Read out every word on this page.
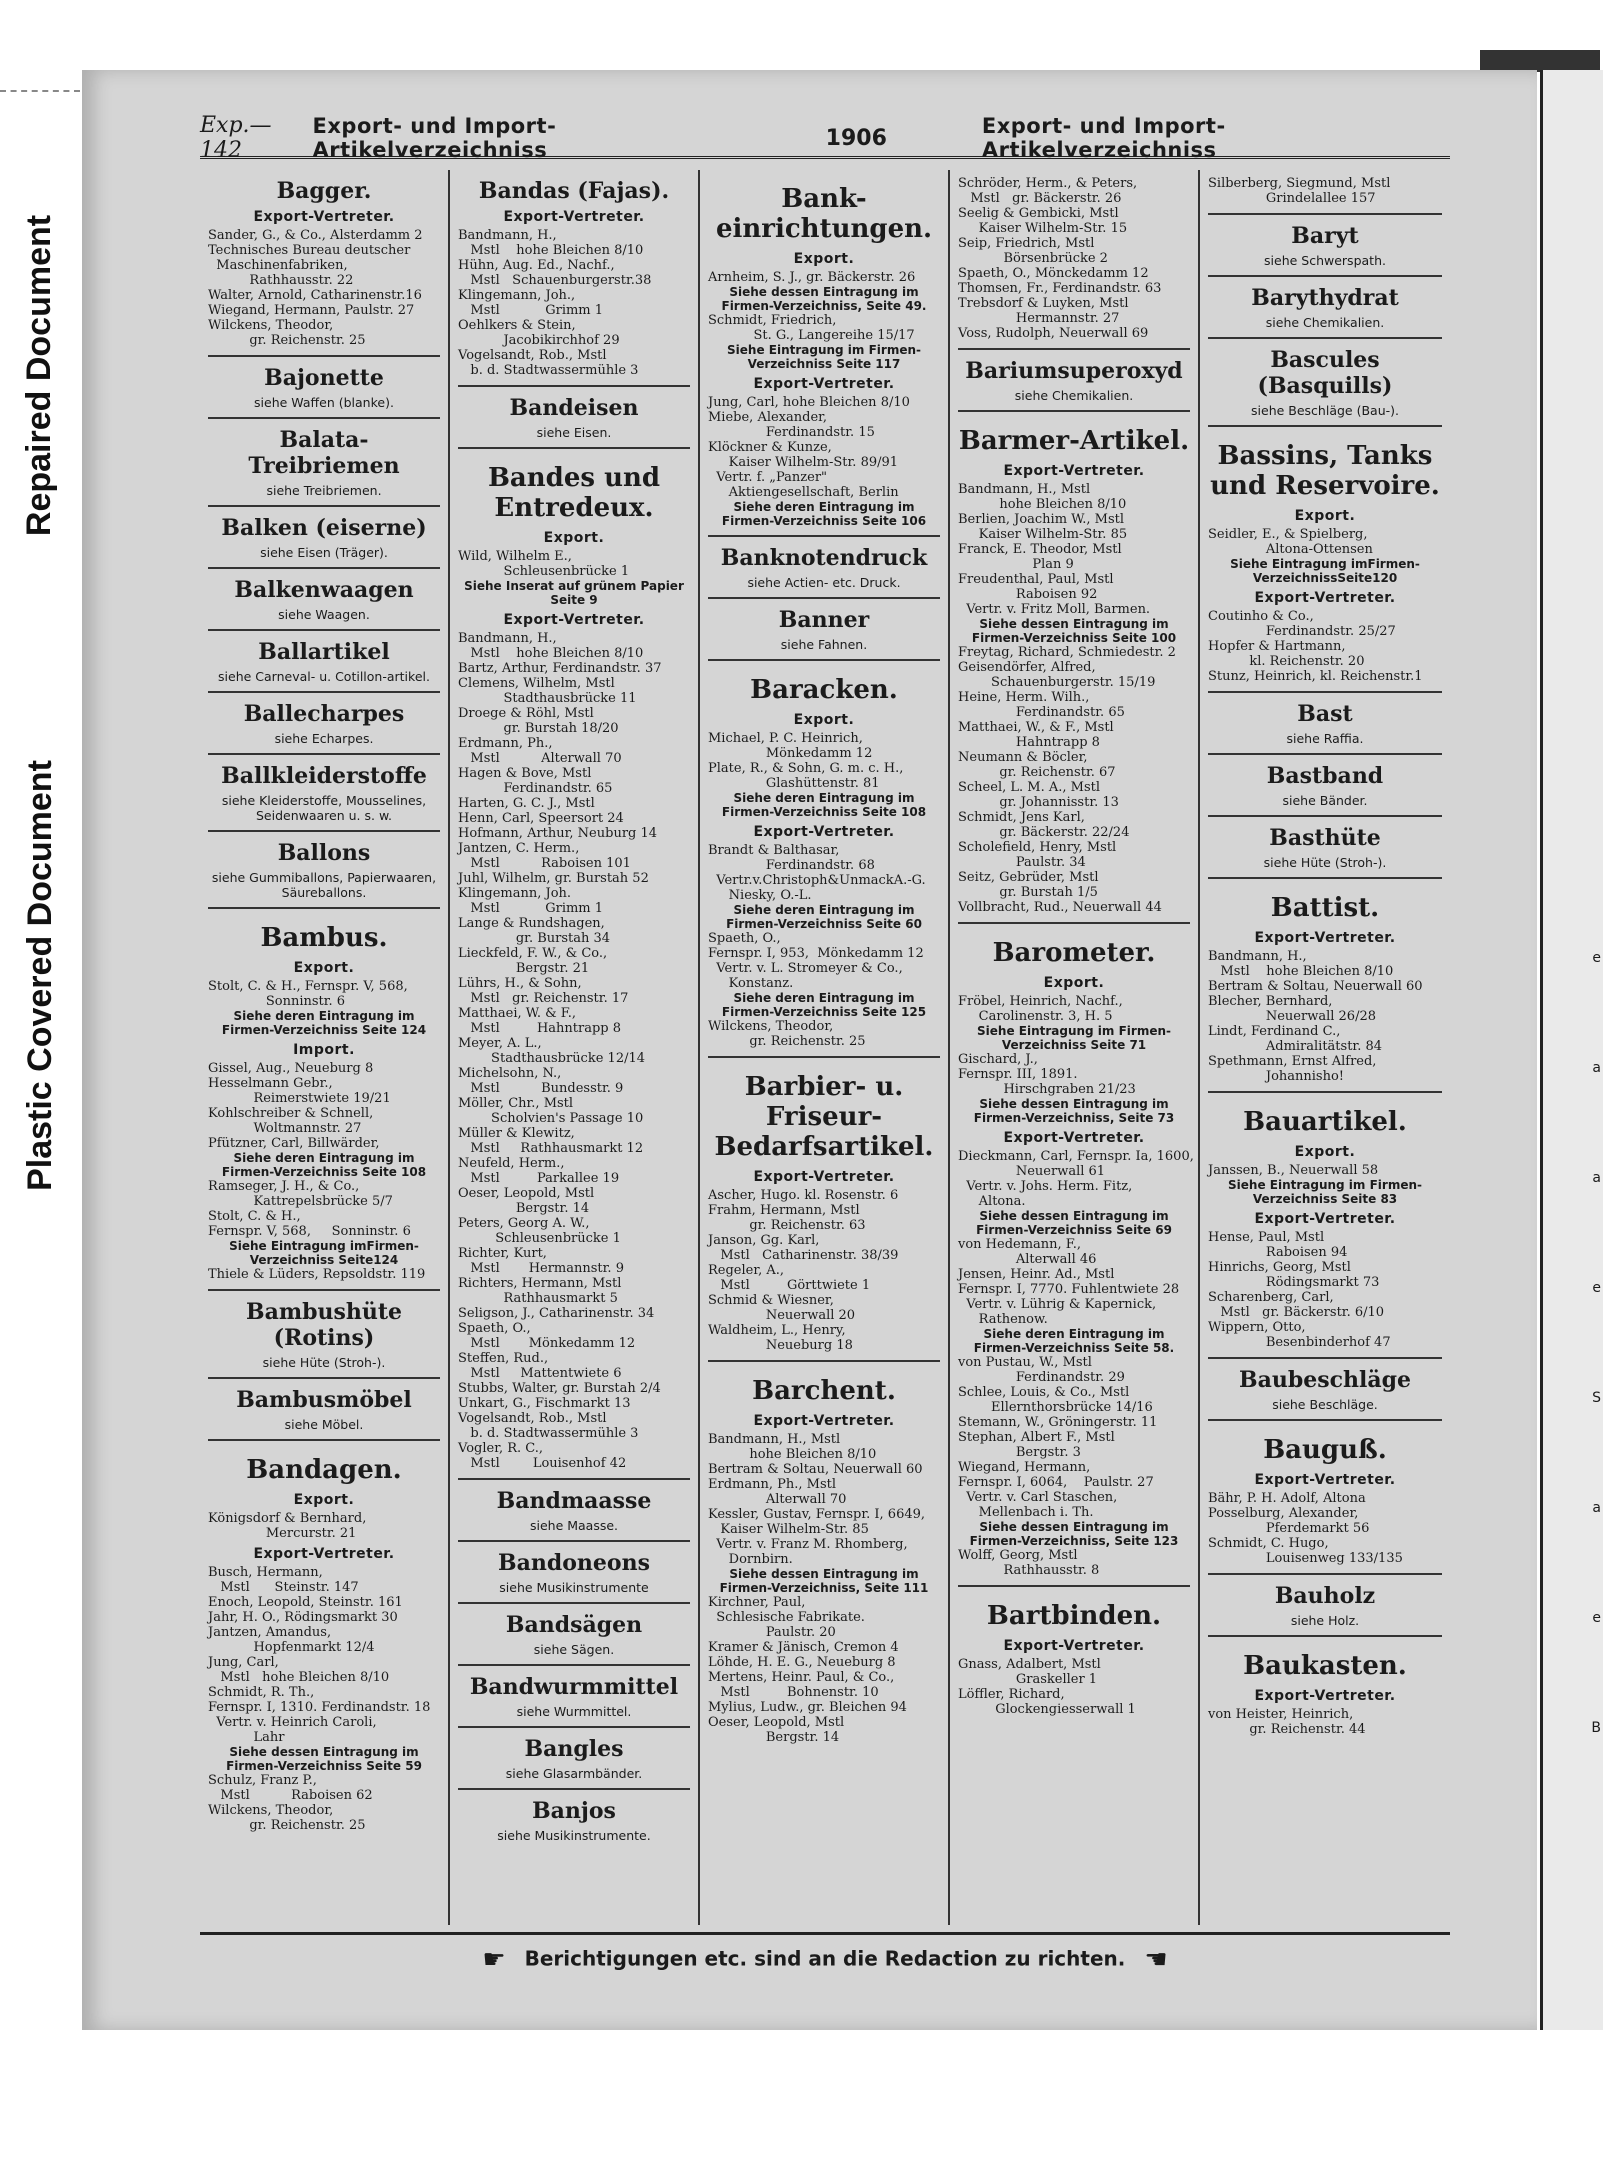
Repaired Document
Plastic Covered Document	e
a
a
e
S
a
e
B
Exp.—142
Export- und Import-Artikelverzeichniss	1906	Export- und Import-Artikelverzeichniss
Bagger.
Export-Vertreter.
Sander, G., & Co., Alsterdamm 2
Technisches Bureau deutscher
Maschinenfabriken,
Rathhausstr. 22
Walter, Arnold, Catharinenstr.16
Wiegand, Hermann, Paulstr. 27
Wilckens, Theodor,
gr. Reichenstr. 25
Bajonette
siehe Waffen (blanke).
Balata-Treibriemen
siehe Treibriemen.
Balken (eiserne)
siehe Eisen (Träger).
Balkenwaagen
siehe Waagen.
Ballartikel
siehe Carneval- u. Cotillon-artikel.
Ballecharpes
siehe Echarpes.
Ballkleiderstoffe
siehe Kleiderstoffe, Mousselines, Seidenwaaren u. s. w.
Ballons
siehe Gummiballons, Papierwaaren, Säureballons.
Bambus.
Export.
Stolt, C. & H., Fernspr. V, 568,
Sonninstr. 6
Siehe deren Eintragung im Firmen-Verzeichniss Seite 124
Import.
Gissel, Aug., Neueburg 8
Hesselmann Gebr.,
Reimerstwiete 19/21
Kohlschreiber & Schnell,
Woltmannstr. 27
Pfützner, Carl, Billwärder,
Siehe deren Eintragung im Firmen-Verzeichniss Seite 108
Ramseger, J. H., & Co.,
Kattrepelsbrücke 5/7
Stolt, C. & H.,
Fernspr. V, 568,     Sonninstr. 6
Siehe Eintragung imFirmen-Verzeichniss Seite124
Thiele & Lüders, Repsoldstr. 119
Bambushüte (Rotins)
siehe Hüte (Stroh-).
Bambusmöbel
siehe Möbel.
Bandagen.
Export.
Königsdorf & Bernhard,
Mercurstr. 21
Export-Vertreter.
Busch, Hermann,
Mstl      Steinstr. 147
Enoch, Leopold, Steinstr. 161
Jahr, H. O., Rödingsmarkt 30
Jantzen, Amandus,
Hopfenmarkt 12/4
Jung, Carl,
Mstl   hohe Bleichen 8/10
Schmidt, R. Th.,
Fernspr. I, 1310. Ferdinandstr. 18
Vertr. v. Heinrich Caroli,
Lahr
Siehe dessen Eintragung im Firmen-Verzeichniss Seite 59
Schulz, Franz P.,
Mstl          Raboisen 62
Wilckens, Theodor,
gr. Reichenstr. 25
Bandas (Fajas).
Export-Vertreter.
Bandmann, H.,
Mstl    hohe Bleichen 8/10
Hühn, Aug. Ed., Nachf.,
Mstl   Schauenburgerstr.38
Klingemann, Joh.,
Mstl           Grimm 1
Oehlkers & Stein,
Jacobikirchhof 29
Vogelsandt, Rob., Mstl
b. d. Stadtwassermühle 3
Bandeisen
siehe Eisen.
Bandes und Entredeux.
Export.
Wild, Wilhelm E.,
Schleusenbrücke 1
Siehe Inserat auf grünem Papier Seite 9
Export-Vertreter.
Bandmann, H.,
Mstl    hohe Bleichen 8/10
Bartz, Arthur, Ferdinandstr. 37
Clemens, Wilhelm, Mstl
Stadthausbrücke 11
Droege & Röhl, Mstl
gr. Burstah 18/20
Erdmann, Ph.,
Mstl          Alterwall 70
Hagen & Bove, Mstl
Ferdinandstr. 65
Harten, G. C. J., Mstl
Henn, Carl, Speersort 24
Hofmann, Arthur, Neuburg 14
Jantzen, C. Herm.,
Mstl          Raboisen 101
Juhl, Wilhelm, gr. Burstah 52
Klingemann, Joh.
Mstl           Grimm 1
Lange & Rundshagen,
gr. Burstah 34
Lieckfeld, F. W., & Co.,
Bergstr. 21
Lührs, H., & Sohn,
Mstl   gr. Reichenstr. 17
Matthaei, W. & F.,
Mstl         Hahntrapp 8
Meyer, A. L.,
Stadthausbrücke 12/14
Michelsohn, N.,
Mstl          Bundesstr. 9
Möller, Chr., Mstl
Scholvien's Passage 10
Müller & Klewitz,
Mstl     Rathhausmarkt 12
Neufeld, Herm.,
Mstl         Parkallee 19
Oeser, Leopold, Mstl
Bergstr. 14
Peters, Georg A. W.,
Schleusenbrücke 1
Richter, Kurt,
Mstl       Hermannstr. 9
Richters, Hermann, Mstl
Rathhausmarkt 5
Seligson, J., Catharinenstr. 34
Spaeth, O.,
Mstl       Mönkedamm 12
Steffen, Rud.,
Mstl     Mattentwiete 6
Stubbs, Walter, gr. Burstah 2/4
Unkart, G., Fischmarkt 13
Vogelsandt, Rob., Mstl
b. d. Stadtwassermühle 3
Vogler, R. C.,
Mstl        Louisenhof 42
Bandmaasse
siehe Maasse.
Bandoneons
siehe Musikinstrumente
Bandsägen
siehe Sägen.
Bandwurmmittel
siehe Wurmmittel.
Bangles
siehe Glasarmbänder.
Banjos
siehe Musikinstrumente.
Bank-einrichtungen.
Export.
Arnheim, S. J., gr. Bäckerstr. 26
Siehe dessen Eintragung im Firmen-Verzeichniss, Seite 49.
Schmidt, Friedrich,
St. G., Langereihe 15/17
Siehe Eintragung im Firmen-Verzeichniss Seite 117
Export-Vertreter.
Jung, Carl, hohe Bleichen 8/10
Miebe, Alexander,
Ferdinandstr. 15
Klöckner & Kunze,
Kaiser Wilhelm-Str. 89/91
Vertr. f. „Panzer"
Aktiengesellschaft, Berlin
Siehe deren Eintragung im Firmen-Verzeichniss Seite 106
Banknotendruck
siehe Actien- etc. Druck.
Banner
siehe Fahnen.
Baracken.
Export.
Michael, P. C. Heinrich,
Mönkedamm 12
Plate, R., & Sohn, G. m. c. H.,
Glashüttenstr. 81
Siehe deren Eintragung im Firmen-Verzeichniss Seite 108
Export-Vertreter.
Brandt & Balthasar,
Ferdinandstr. 68
Vertr.v.Christoph&UnmackA.-G.
Niesky, O.-L.
Siehe deren Eintragung im Firmen-Verzeichniss Seite 60
Spaeth, O.,
Fernspr. I, 953,  Mönkedamm 12
Vertr. v. L. Stromeyer & Co.,
Konstanz.
Siehe deren Eintragung im Firmen-Verzeichniss Seite 125
Wilckens, Theodor,
gr. Reichenstr. 25
Barbier- u. Friseur-Bedarfsartikel.
Export-Vertreter.
Ascher, Hugo. kl. Rosenstr. 6
Frahm, Hermann, Mstl
gr. Reichenstr. 63
Janson, Gg. Karl,
Mstl   Catharinenstr. 38/39
Regeler, A.,
Mstl         Görttwiete 1
Schmid & Wiesner,
Neuerwall 20
Waldheim, L., Henry,
Neueburg 18
Barchent.
Export-Vertreter.
Bandmann, H., Mstl
hohe Bleichen 8/10
Bertram & Soltau, Neuerwall 60
Erdmann, Ph., Mstl
Alterwall 70
Kessler, Gustav, Fernspr. I, 6649,
Kaiser Wilhelm-Str. 85
Vertr. v. Franz M. Rhomberg,
Dornbirn.
Siehe dessen Eintragung im Firmen-Verzeichniss, Seite 111
Kirchner, Paul,
Schlesische Fabrikate.
Paulstr. 20
Kramer & Jänisch, Cremon 4
Löhde, H. E. G., Neueburg 8
Mertens, Heinr. Paul, & Co.,
Mstl         Bohnenstr. 10
Mylius, Ludw., gr. Bleichen 94
Oeser, Leopold, Mstl
Bergstr. 14
Schröder, Herm., & Peters,
Mstl   gr. Bäckerstr. 26
Seelig & Gembicki, Mstl
Kaiser Wilhelm-Str. 15
Seip, Friedrich, Mstl
Börsenbrücke 2
Spaeth, O., Mönckedamm 12
Thomsen, Fr., Ferdinandstr. 63
Trebsdorf & Luyken, Mstl
Hermannstr. 27
Voss, Rudolph, Neuerwall 69
Bariumsuperoxyd
siehe Chemikalien.
Barmer-Artikel.
Export-Vertreter.
Bandmann, H., Mstl
hohe Bleichen 8/10
Berlien, Joachim W., Mstl
Kaiser Wilhelm-Str. 85
Franck, E. Theodor, Mstl
Plan 9
Freudenthal, Paul, Mstl
Raboisen 92
Vertr. v. Fritz Moll, Barmen.
Siehe dessen Eintragung im Firmen-Verzeichniss Seite 100
Freytag, Richard, Schmiedestr. 2
Geisendörfer, Alfred,
Schauenburgerstr. 15/19
Heine, Herm. Wilh.,
Ferdinandstr. 65
Matthaei, W., & F., Mstl
Hahntrapp 8
Neumann & Böcler,
gr. Reichenstr. 67
Scheel, L. M. A., Mstl
gr. Johannisstr. 13
Schmidt, Jens Karl,
gr. Bäckerstr. 22/24
Scholefield, Henry, Mstl
Paulstr. 34
Seitz, Gebrüder, Mstl
gr. Burstah 1/5
Vollbracht, Rud., Neuerwall 44
Barometer.
Export.
Fröbel, Heinrich, Nachf.,
Carolinenstr. 3, H. 5
Siehe Eintragung im Firmen-Verzeichniss Seite 71
Gischard, J.,
Fernspr. III, 1891.
Hirschgraben 21/23
Siehe dessen Eintragung im Firmen-Verzeichniss, Seite 73
Export-Vertreter.
Dieckmann, Carl, Fernspr. Ia, 1600,
Neuerwall 61
Vertr. v. Johs. Herm. Fitz,
Altona.
Siehe dessen Eintragung im Firmen-Verzeichniss Seite 69
von Hedemann, F.,
Alterwall 46
Jensen, Heinr. Ad., Mstl
Fernspr. I, 7770. Fuhlentwiete 28
Vertr. v. Lührig & Kapernick,
Rathenow.
Siehe deren Eintragung im Firmen-Verzeichniss Seite 58.
von Pustau, W., Mstl
Ferdinandstr. 29
Schlee, Louis, & Co., Mstl
Ellernthorsbrücke 14/16
Stemann, W., Gröningerstr. 11
Stephan, Albert F., Mstl
Bergstr. 3
Wiegand, Hermann,
Fernspr. I, 6064,    Paulstr. 27
Vertr. v. Carl Staschen,
Mellenbach i. Th.
Siehe dessen Eintragung im Firmen-Verzeichniss, Seite 123
Wolff, Georg, Mstl
Rathhausstr. 8
Bartbinden.
Export-Vertreter.
Gnass, Adalbert, Mstl
Graskeller 1
Löffler, Richard,
Glockengiesserwall 1
Silberberg, Siegmund, Mstl
Grindelallee 157
Baryt
siehe Schwerspath.
Barythydrat
siehe Chemikalien.
Bascules (Basquills)
siehe Beschläge (Bau-).
Bassins, Tanks und Reservoire.
Export.
Seidler, E., & Spielberg,
Altona-Ottensen
Siehe Eintragung imFirmen-VerzeichnissSeite120
Export-Vertreter.
Coutinho & Co.,
Ferdinandstr. 25/27
Hopfer & Hartmann,
kl. Reichenstr. 20
Stunz, Heinrich, kl. Reichenstr.1
Bast
siehe Raffia.
Bastband
siehe Bänder.
Basthüte
siehe Hüte (Stroh-).
Battist.
Export-Vertreter.
Bandmann, H.,
Mstl    hohe Bleichen 8/10
Bertram & Soltau, Neuerwall 60
Blecher, Bernhard,
Neuerwall 26/28
Lindt, Ferdinand C.,
Admiralitätstr. 84
Spethmann, Ernst Alfred,
Johannisho!
Bauartikel.
Export.
Janssen, B., Neuerwall 58
Siehe Eintragung im Firmen-Verzeichniss Seite 83
Export-Vertreter.
Hense, Paul, Mstl
Raboisen 94
Hinrichs, Georg, Mstl
Rödingsmarkt 73
Scharenberg, Carl,
Mstl   gr. Bäckerstr. 6/10
Wippern, Otto,
Besenbinderhof 47
Baubeschläge
siehe Beschläge.
Bauguß.
Export-Vertreter.
Bähr, P. H. Adolf, Altona
Posselburg, Alexander,
Pferdemarkt 56
Schmidt, C. Hugo,
Louisenweg 133/135
Bauholz
siehe Holz.
Baukasten.
Export-Vertreter.
von Heister, Heinrich,
gr. Reichenstr. 44
☛ Berichtigungen etc. sind an die Redaction zu richten. ☚
